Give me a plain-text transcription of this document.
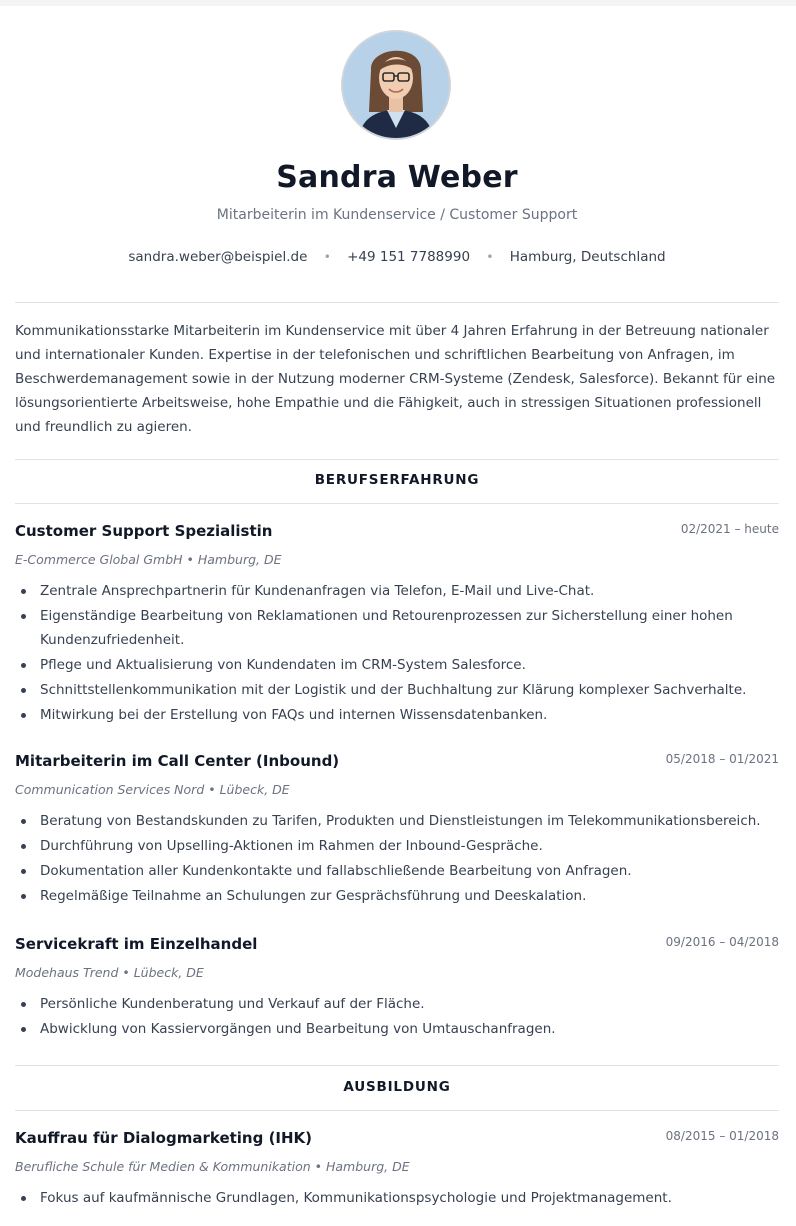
Sandra Weber
Mitarbeiterin im Kundenservice / Customer Support
sandra.weber@beispiel.de • +49 151 7788990 • Hamburg, Deutschland
Kommunikationsstarke Mitarbeiterin im Kundenservice mit über 4 Jahren Erfahrung in der Betreuung nationaler und internationaler Kunden. Expertise in der telefonischen und schriftlichen Bearbeitung von Anfragen, im Beschwerdemanagement sowie in der Nutzung moderner CRM-Systeme (Zendesk, Salesforce). Bekannt für eine lösungsorientierte Arbeitsweise, hohe Empathie und die Fähigkeit, auch in stressigen Situationen professionell und freundlich zu agieren.
BERUFSERFAHRUNG
Customer Support Spezialistin	02/2021 – heute
E-Commerce Global GmbH • Hamburg, DE
Zentrale Ansprechpartnerin für Kundenanfragen via Telefon, E-Mail und Live-Chat.
Eigenständige Bearbeitung von Reklamationen und Retourenprozessen zur Sicherstellung einer hohen Kundenzufriedenheit.
Pflege und Aktualisierung von Kundendaten im CRM-System Salesforce.
Schnittstellenkommunikation mit der Logistik und der Buchhaltung zur Klärung komplexer Sachverhalte.
Mitwirkung bei der Erstellung von FAQs und internen Wissensdatenbanken.
Mitarbeiterin im Call Center (Inbound)	05/2018 – 01/2021
Communication Services Nord • Lübeck, DE
Beratung von Bestandskunden zu Tarifen, Produkten und Dienstleistungen im Telekommunikationsbereich.
Durchführung von Upselling-Aktionen im Rahmen der Inbound-Gespräche.
Dokumentation aller Kundenkontakte und fallabschließende Bearbeitung von Anfragen.
Regelmäßige Teilnahme an Schulungen zur Gesprächsführung und Deeskalation.
Servicekraft im Einzelhandel	09/2016 – 04/2018
Modehaus Trend • Lübeck, DE
Persönliche Kundenberatung und Verkauf auf der Fläche.
Abwicklung von Kassiervorgängen und Bearbeitung von Umtauschanfragen.
AUSBILDUNG
Kauffrau für Dialogmarketing (IHK)	08/2015 – 01/2018
Berufliche Schule für Medien & Kommunikation • Hamburg, DE
Fokus auf kaufmännische Grundlagen, Kommunikationspsychologie und Projektmanagement.
